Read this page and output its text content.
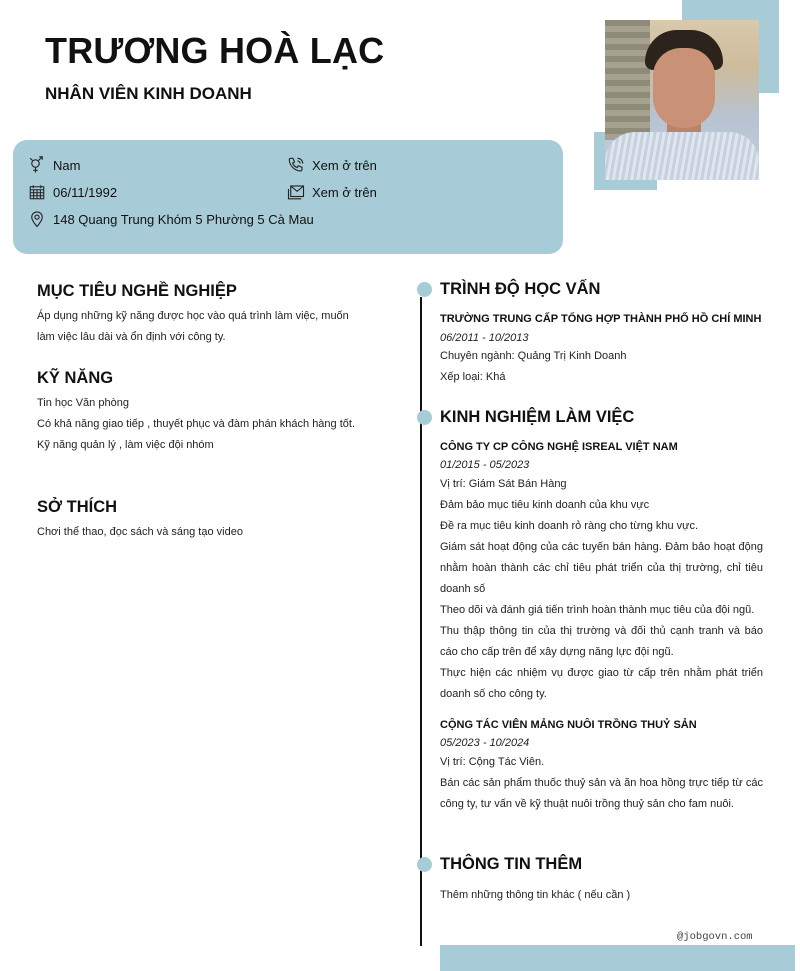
TRƯƠNG HOÀ LẠC
NHÂN VIÊN KINH DOANH
Nam
06/11/1992
148 Quang Trung Khóm 5 Phường 5 Cà Mau
Xem ở trên
Xem ở trên
MỤC TIÊU NGHỀ NGHIỆP
Áp dụng những kỹ năng được học vào quá trình làm việc, muốn
làm việc lâu dài và ổn định với công ty.
KỸ NĂNG
Tin học Văn phòng
Có khả năng giao tiếp , thuyết phục và đàm phán khách hàng tốt.
Kỹ năng quản lý , làm việc đội nhóm
SỞ THÍCH
Chơi thể thao, đọc sách và sáng tạo video
TRÌNH ĐỘ HỌC VẤN
TRƯỜNG TRUNG CẤP TỔNG HỢP THÀNH PHỐ HỒ CHÍ MINH
06/2011 - 10/2013
Chuyên ngành: Quảng Trị Kinh Doanh
Xếp loại: Khá
KINH NGHIỆM LÀM VIỆC
CÔNG TY CP CÔNG NGHỆ ISREAL VIỆT NAM
01/2015 - 05/2023
Vị trí: Giám Sát Bán Hàng
Đảm bảo mục tiêu kinh doanh của khu vực
Đề ra mục tiêu kinh doanh rỏ ràng cho từng khu vực.
Giám sát hoạt động của các tuyến bán hàng. Đảm bảo hoạt động nhằm hoàn thành các chỉ tiêu phát triển của thị trường, chỉ tiêu doanh số
Theo dõi và đánh giá tiến trình hoàn thành mục tiêu của đội ngũ.
Thu thập thông tin của thị trường và đối thủ cạnh tranh và báo cáo cho cấp trên để xây dựng năng lực đội ngũ.
Thực hiện các nhiệm vụ được giao từ cấp trên nhằm phát triển doanh số cho công ty.
CỘNG TÁC VIÊN MẢNG NUÔI TRỒNG THUỶ SẢN
05/2023 - 10/2024
Vị trí: Cộng Tác Viên.
Bán các sản phẩm thuốc thuỷ sản và ăn hoa hồng trực tiếp từ các công ty, tư vấn về kỹ thuật nuôi trồng thuỷ sản cho fam nuôi.
THÔNG TIN THÊM
Thêm những thông tin khác ( nếu cần )
@jobgovn.com
